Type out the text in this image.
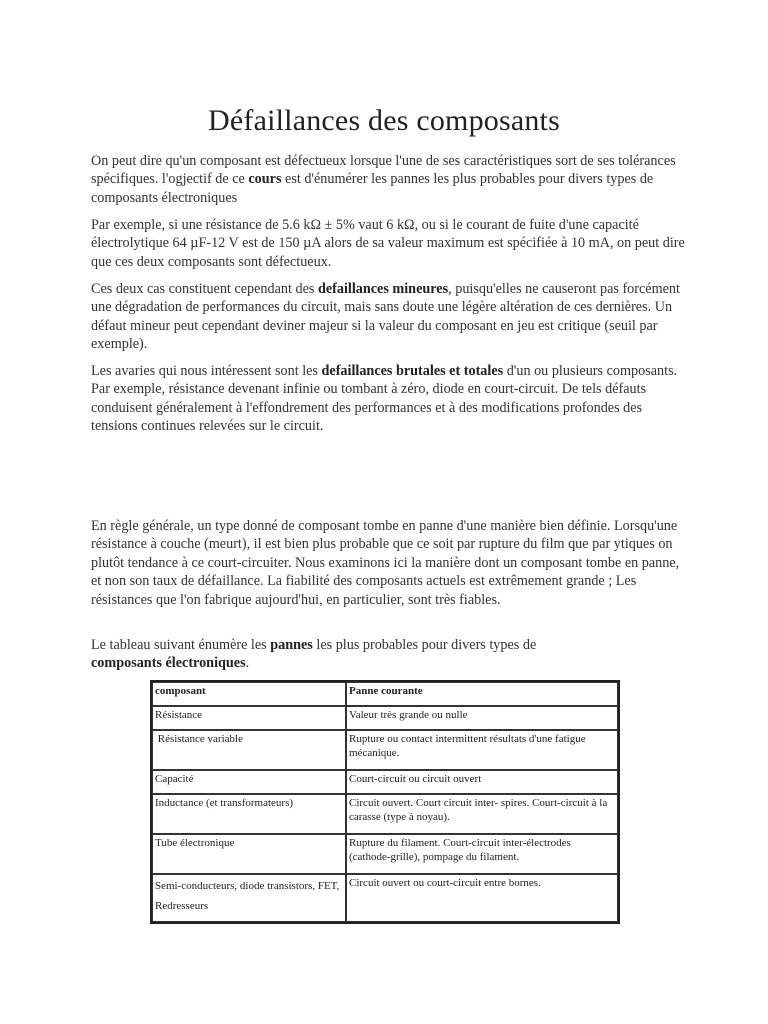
Défaillances des composants

On peut dire qu'un composant est défectueux lorsque l'une de ses caractéristiques sort de ses tolérances spécifiques. l'ogjectif de ce cours est d'énumérer les pannes les plus probables pour divers types de composants électroniques

Par exemple, si une résistance de 5.6 kΩ ± 5% vaut 6 kΩ, ou si le courant de fuite d'une capacité électrolytique 64 µF-12 V est de 150 µA alors de sa valeur maximum est spécifiée à 10 mA, on peut dire que ces deux composants sont défectueux.

Ces deux cas constituent cependant des defaillances mineures, puisqu'elles ne causeront pas forcément une dégradation de performances du circuit, mais sans doute une légère altération de ces dernières. Un défaut mineur peut cependant deviner majeur si la valeur du composant en jeu est critique (seuil par exemple).

Les avaries qui nous intéressent sont les defaillances brutales et totales d'un ou plusieurs composants. Par exemple, résistance devenant infinie ou tombant à zéro, diode en court-circuit. De tels défauts conduisent généralement à l'effondrement des performances et à des modifications profondes des tensions continues relevées sur le circuit.

En règle générale, un type donné de composant tombe en panne d'une manière bien définie. Lorsqu'une résistance à couche (meurt), il est bien plus probable que ce soit par rupture du film que par ytiques on plutôt tendance à ce court-circuiter. Nous examinons ici la manière dont un composant tombe en panne, et non son taux de défaillance. La fiabilité des composants actuels est extrêmement grande ; Les résistances que l'on fabrique aujourd'hui, en particulier, sont très fiables.

Le tableau suivant énumère les pannes les plus probables pour divers types de
composants électroniques.

composant	Panne courante
Résistance	Valeur très grande ou nulle
Résistance variable	Rupture ou contact intermittent résultats d'une fatigue mécanique.
Capacité	Court-circuit ou circuit ouvert
Inductance (et transformateurs)	Circuit ouvert. Court circuit inter- spires. Court-circuit à la carasse (type à noyau).
Tube électronique	Rupture du filament. Court-circuit inter-électrodes (cathode-grille), pompage du filament.
Semi-conducteurs, diode transistors, FET, Redresseurs	Circuit ouvert ou court-circuit entre bornes.
